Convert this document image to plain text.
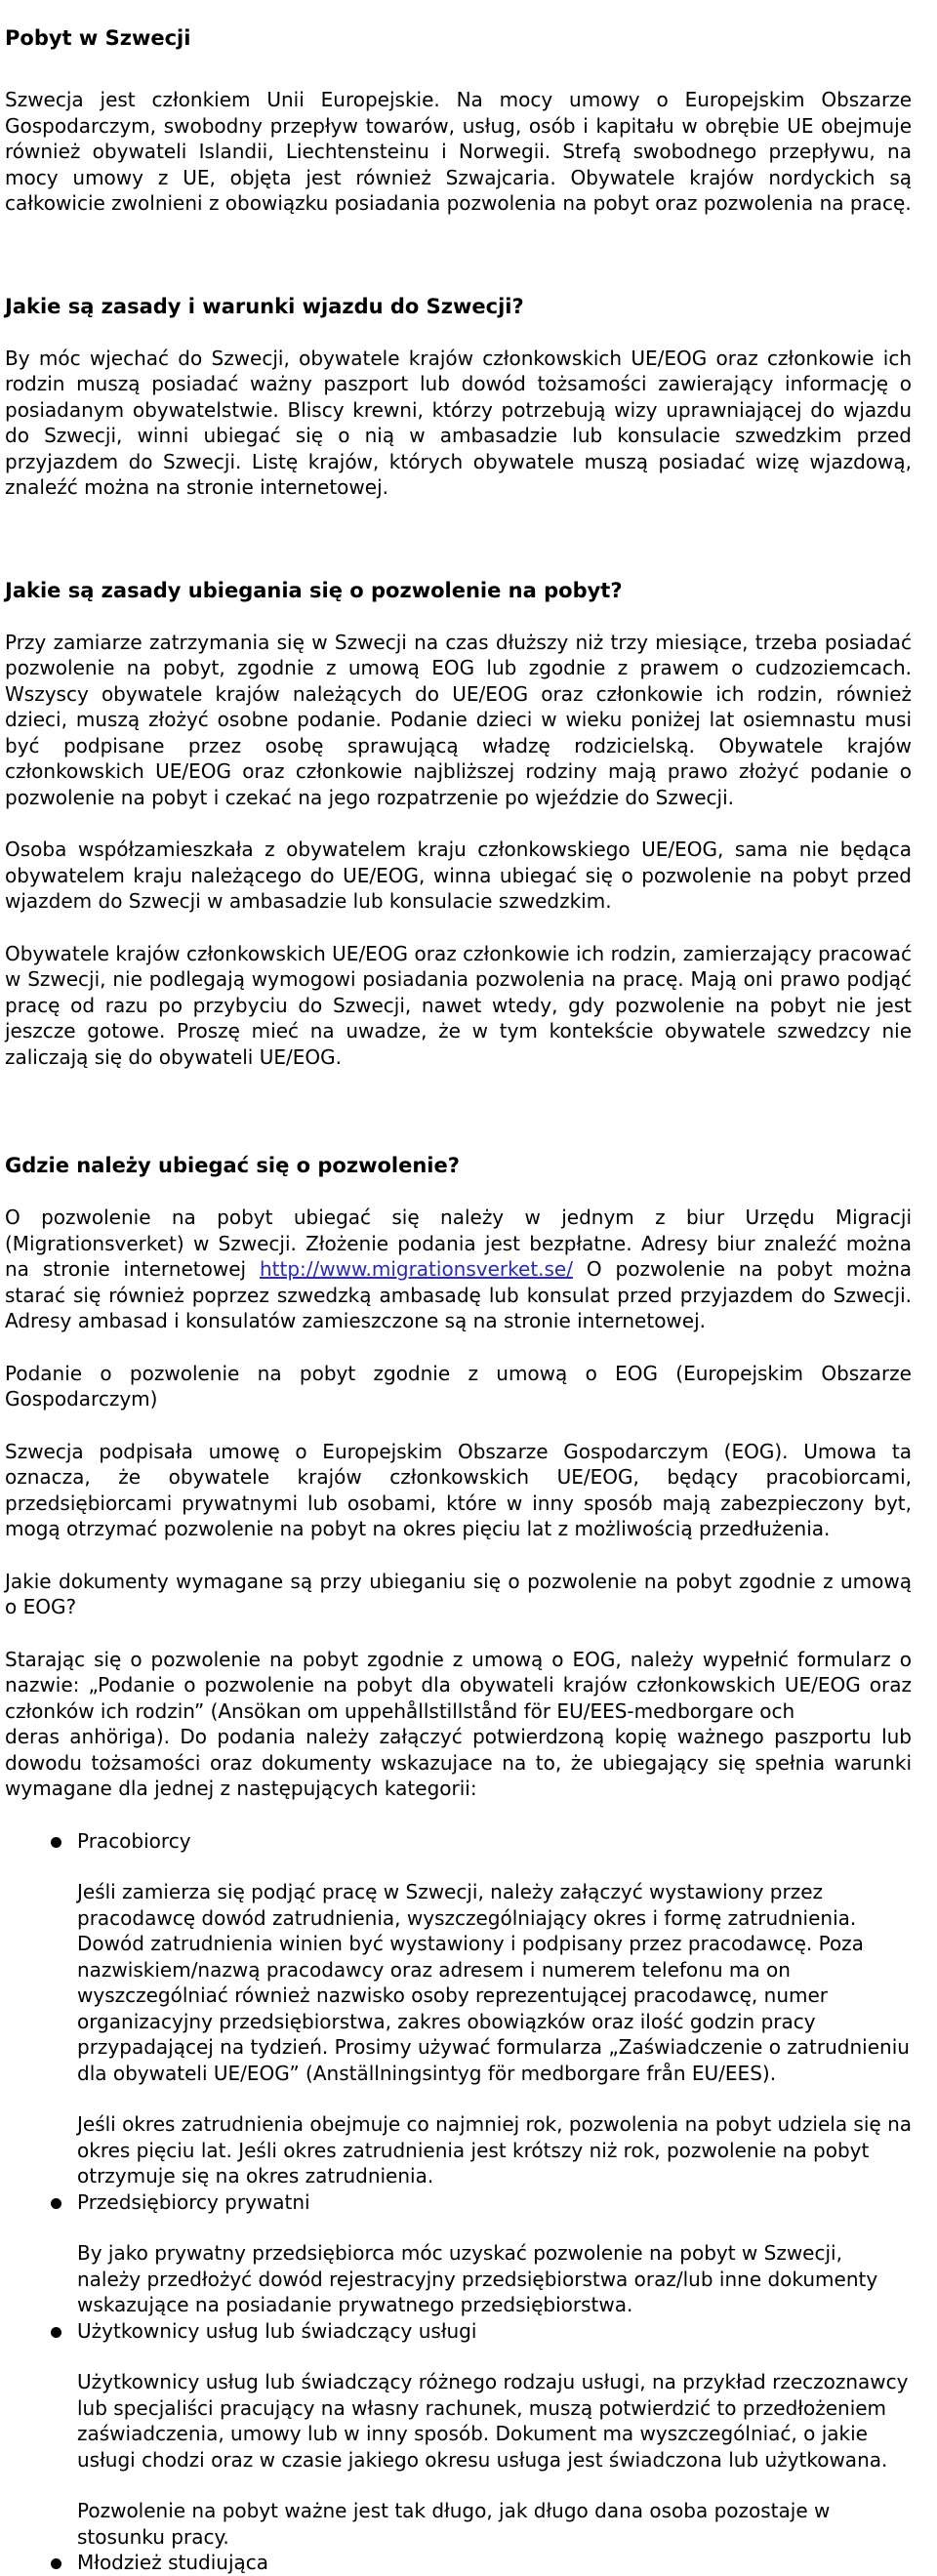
Pobyt w Szwecji

Szwecja jest członkiem Unii Europejskie. Na mocy umowy o Europejskim Obszarze Gospodarczym, swobodny przepływ towarów, usług, osób i kapitału w obrębie UE obejmuje również obywateli Islandii, Liechtensteinu i Norwegii. Strefą swobodnego przepływu, na mocy umowy z UE, objęta jest również Szwajcaria. Obywatele krajów nordyckich są całkowicie zwolnieni z obowiązku posiadania pozwolenia na pobyt oraz pozwolenia na pracę.

Jakie są zasady i warunki wjazdu do Szwecji?

By móc wjechać do Szwecji, obywatele krajów członkowskich UE/EOG oraz członkowie ich rodzin muszą posiadać ważny paszport lub dowód tożsamości zawierający informację o posiadanym obywatelstwie. Bliscy krewni, którzy potrzebują wizy uprawniającej do wjazdu do Szwecji, winni ubiegać się o nią w ambasadzie lub konsulacie szwedzkim przed przyjazdem do Szwecji. Listę krajów, których obywatele muszą posiadać wizę wjazdową, znaleźć można na stronie internetowej.

Jakie są zasady ubiegania się o pozwolenie na pobyt?

Przy zamiarze zatrzymania się w Szwecji na czas dłuższy niż trzy miesiące, trzeba posiadać pozwolenie na pobyt, zgodnie z umową EOG lub zgodnie z prawem o cudzoziemcach. Wszyscy obywatele krajów należących do UE/EOG oraz członkowie ich rodzin, również dzieci, muszą złożyć osobne podanie. Podanie dzieci w wieku poniżej lat osiemnastu musi być podpisane przez osobę sprawującą władzę rodzicielską. Obywatele krajów członkowskich UE/EOG oraz członkowie najbliższej rodziny mają prawo złożyć podanie o pozwolenie na pobyt i czekać na jego rozpatrzenie po wjeździe do Szwecji.

Osoba współzamieszkała z obywatelem kraju członkowskiego UE/EOG, sama nie będąca obywatelem kraju należącego do UE/EOG, winna ubiegać się o pozwolenie na pobyt przed wjazdem do Szwecji w ambasadzie lub konsulacie szwedzkim.

Obywatele krajów członkowskich UE/EOG oraz członkowie ich rodzin, zamierzający pracować w Szwecji, nie podlegają wymogowi posiadania pozwolenia na pracę. Mają oni prawo podjąć pracę od razu po przybyciu do Szwecji, nawet wtedy, gdy pozwolenie na pobyt nie jest jeszcze gotowe. Proszę mieć na uwadze, że w tym kontekście obywatele szwedzcy nie zaliczają się do obywateli UE/EOG.

Gdzie należy ubiegać się o pozwolenie?

O pozwolenie na pobyt ubiegać się należy w jednym z biur Urzędu Migracji (Migrationsverket) w Szwecji. Złożenie podania jest bezpłatne. Adresy biur znaleźć można na stronie internetowej http://www.migrationsverket.se/ O pozwolenie na pobyt można starać się również poprzez szwedzką ambasadę lub konsulat przed przyjazdem do Szwecji. Adresy ambasad i konsulatów zamieszczone są na stronie internetowej.

Podanie o pozwolenie na pobyt zgodnie z umową o EOG (Europejskim Obszarze Gospodarczym)

Szwecja podpisała umowę o Europejskim Obszarze Gospodarczym (EOG). Umowa ta oznacza, że obywatele krajów członkowskich UE/EOG, będący pracobiorcami, przedsiębiorcami prywatnymi lub osobami, które w inny sposób mają zabezpieczony byt, mogą otrzymać pozwolenie na pobyt na okres pięciu lat z możliwością przedłużenia.

Jakie dokumenty wymagane są przy ubieganiu się o pozwolenie na pobyt zgodnie z umową o EOG?

Starając się o pozwolenie na pobyt zgodnie z umową o EOG, należy wypełnić formularz o nazwie: „Podanie o pozwolenie na pobyt dla obywateli krajów członkowskich UE/EOG oraz członków ich rodzin” (Ansökan om uppehållstillstånd för EU/EES-medborgare och
deras anhöriga). Do podania należy załączyć potwierdzoną kopię ważnego paszportu lub dowodu tożsamości oraz dokumenty wskazujace na to, że ubiegający się spełnia warunki wymagane dla jednej z następujących kategorii:

Pracobiorcy

Jeśli zamierza się podjąć pracę w Szwecji, należy załączyć wystawiony przez pracodawcę dowód zatrudnienia, wyszczególniający okres i formę zatrudnienia. Dowód zatrudnienia winien być wystawiony i podpisany przez pracodawcę. Poza nazwiskiem/nazwą pracodawcy oraz adresem i numerem telefonu ma on wyszczególniać również nazwisko osoby reprezentującej pracodawcę, numer organizacyjny przedsiębiorstwa, zakres obowiązków oraz ilość godzin pracy przypadającej na tydzień. Prosimy używać formularza „Zaświadczenie o zatrudnieniu dla obywateli UE/EOG” (Anställningsintyg för medborgare från EU/EES).

Jeśli okres zatrudnienia obejmuje co najmniej rok, pozwolenia na pobyt udziela się na okres pięciu lat. Jeśli okres zatrudnienia jest krótszy niż rok, pozwolenie na pobyt otrzymuje się na okres zatrudnienia.

Przedsiębiorcy prywatni

By jako prywatny przedsiębiorca móc uzyskać pozwolenie na pobyt w Szwecji, należy przedłożyć dowód rejestracyjny przedsiębiorstwa oraz/lub inne dokumenty wskazujące na posiadanie prywatnego przedsiębiorstwa.

Użytkownicy usług lub świadczący usługi

Użytkownicy usług lub świadczący różnego rodzaju usługi, na przykład rzeczoznawcy lub specjaliści pracujący na własny rachunek, muszą potwierdzić to przedłożeniem zaświadczenia, umowy lub w inny sposób. Dokument ma wyszczególniać, o jakie usługi chodzi oraz w czasie jakiego okresu usługa jest świadczona lub użytkowana.

Pozwolenie na pobyt ważne jest tak długo, jak długo dana osoba pozostaje w stosunku pracy.

Młodzież studiująca
